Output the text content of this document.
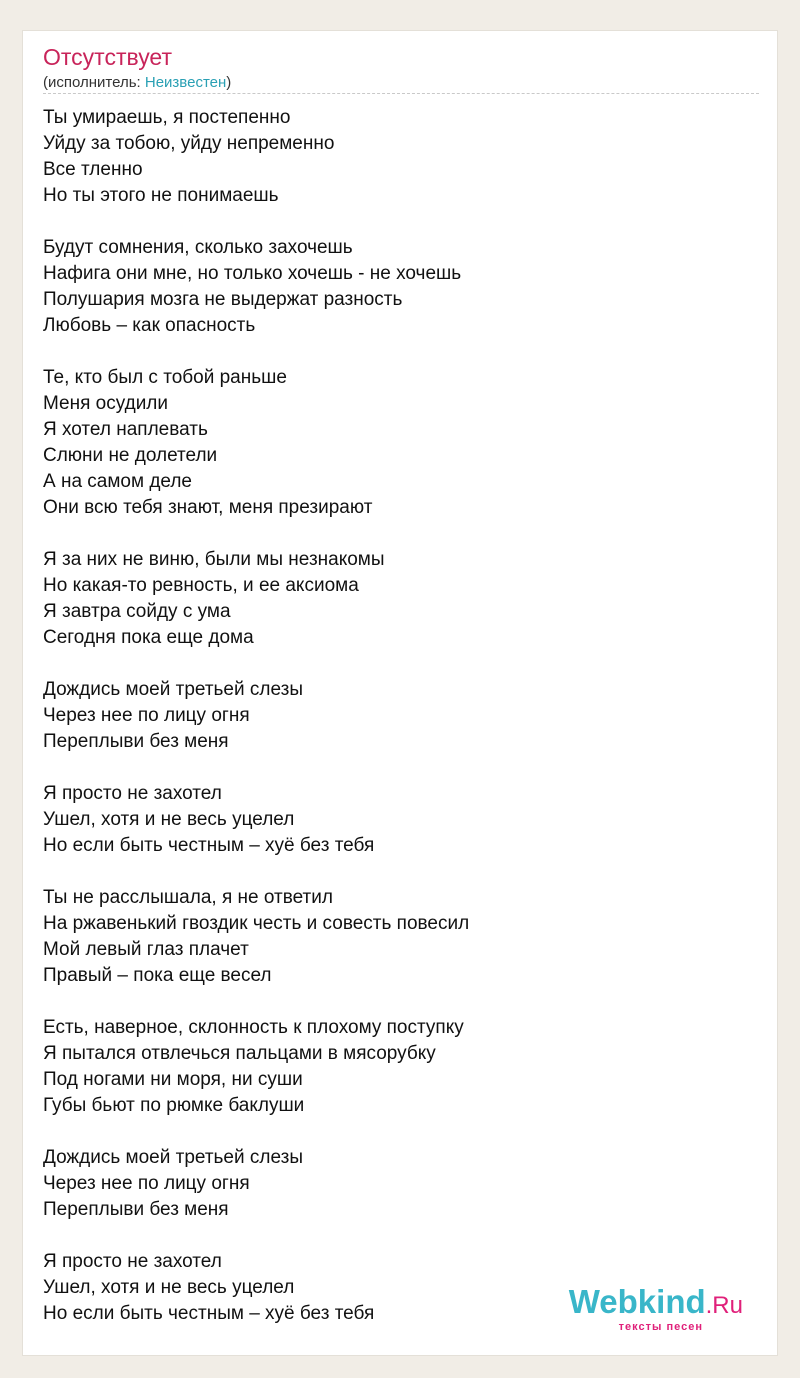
Отсутствует
(исполнитель: Неизвестен)
Ты умираешь, я постепенно
Уйду за тобою, уйду непременно
Все тленно
Но ты этого не понимаешь
Будут сомнения, сколько захочешь
Нафига они мне, но только хочешь - не хочешь
Полушария мозга не выдержат разность
Любовь – как опасность
Те, кто был с тобой раньше
Меня осудили
Я хотел наплевать
Слюни не долетели
А на самом деле
Они всю тебя знают, меня презирают
Я за них не виню, были мы незнакомы
Но какая-то ревность, и ее аксиома
Я завтра сойду с ума
Сегодня пока еще дома
Дождись моей третьей слезы
Через нее по лицу огня
Переплыви без меня
Я просто не захотел
Ушел, хотя и не весь уцелел
Но если быть честным – хуё без тебя
Ты не расслышала, я не ответил
На ржавенький гвоздик честь и совесть повесил
Мой левый глаз плачет
Правый – пока еще весел
Есть, наверное, склонность к плохому поступку
Я пытался отвлечься пальцами в мясорубку
Под ногами ни моря, ни суши
Губы бьют по рюмке баклуши
Дождись моей третьей слезы
Через нее по лицу огня
Переплыви без меня
Я просто не захотел
Ушел, хотя и не весь уцелел
Но если быть честным – хуё без тебя	Webkind.Ru
тексты песен
